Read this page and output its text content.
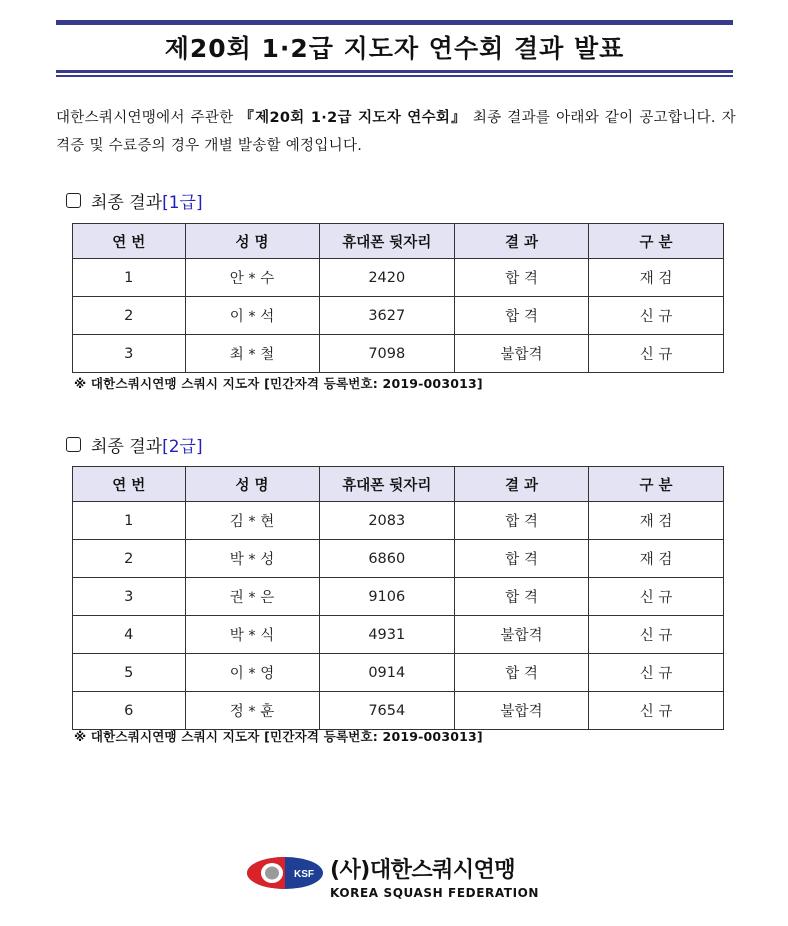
제20회 1·2급 지도자 연수회 결과 발표
대한스쿼시연맹에서 주관한 『제20회 1·2급 지도자 연수회』 최종 결과를 아래와 같이 공고합니다. 자격증 및 수료증의 경우 개별 발송할 예정입니다.
최종 결과 [1급]
연 번	성 명	휴대폰 뒷자리	결 과	구 분
1	안 * 수	2420	합 격	재 검
2	이 * 석	3627	합 격	신 규
3	최 * 철	7098	불합격	신 규
※ 대한스쿼시연맹 스쿼시 지도자 [민간자격 등록번호: 2019-003013]
최종 결과 [2급]
연 번	성 명	휴대폰 뒷자리	결 과	구 분
1	김 * 현	2083	합 격	재 검
2	박 * 성	6860	합 격	재 검
3	권 * 은	9106	합 격	신 규
4	박 * 식	4931	불합격	신 규
5	이 * 영	0914	합 격	신 규
6	정 * 훈	7654	불합격	신 규
※ 대한스쿼시연맹 스쿼시 지도자 [민간자격 등록번호: 2019-003013]
KSF (사)대한스쿼시연맹
KOREA SQUASH FEDERATION
